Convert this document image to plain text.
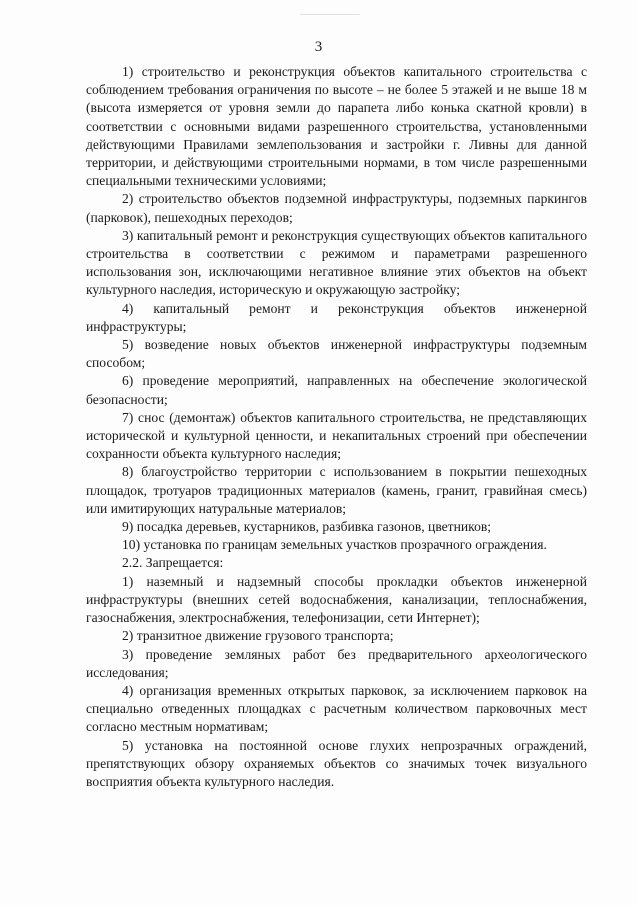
3

1) строительство и реконструкция объектов капитального строительства с соблюдением требования ограничения по высоте – не более 5 этажей и не выше 18 м (высота измеряется от уровня земли до парапета либо конька скатной кровли) в соответствии с основными видами разрешенного строительства, установленными действующими Правилами землепользования и застройки г. Ливны для данной территории, и действующими строительными нормами, в том числе разрешенными специальными техническими условиями;

2) строительство объектов подземной инфраструктуры, подземных паркингов (парковок), пешеходных переходов;

3) капитальный ремонт и реконструкция существующих объектов капитального строительства в соответствии с режимом и параметрами разрешенного использования зон, исключающими негативное влияние этих объектов на объект культурного наследия, историческую и окружающую застройку;

4) капитальный ремонт и реконструкция объектов инженерной инфраструктуры;

5) возведение новых объектов инженерной инфраструктуры подземным способом;

6) проведение мероприятий, направленных на обеспечение экологической безопасности;

7) снос (демонтаж) объектов капитального строительства, не представляющих исторической и культурной ценности, и некапитальных строений при обеспечении сохранности объекта культурного наследия;

8) благоустройство территории с использованием в покрытии пешеходных площадок, тротуаров традиционных материалов (камень, гранит, гравийная смесь) или имитирующих натуральные материалов;

9) посадка деревьев, кустарников, разбивка газонов, цветников;

10) установка по границам земельных участков прозрачного ограждения.

2.2. Запрещается:

1) наземный и надземный способы прокладки объектов инженерной инфраструктуры (внешних сетей водоснабжения, канализации, теплоснабжения, газоснабжения, электроснабжения, телефонизации, сети Интернет);

2) транзитное движение грузового транспорта;

3) проведение земляных работ без предварительного археологического исследования;

4) организация временных открытых парковок, за исключением парковок на специально отведенных площадках с расчетным количеством парковочных мест согласно местным нормативам;

5) установка на постоянной основе глухих непрозрачных ограждений, препятствующих обзору охраняемых объектов со значимых точек визуального восприятия объекта культурного наследия.
